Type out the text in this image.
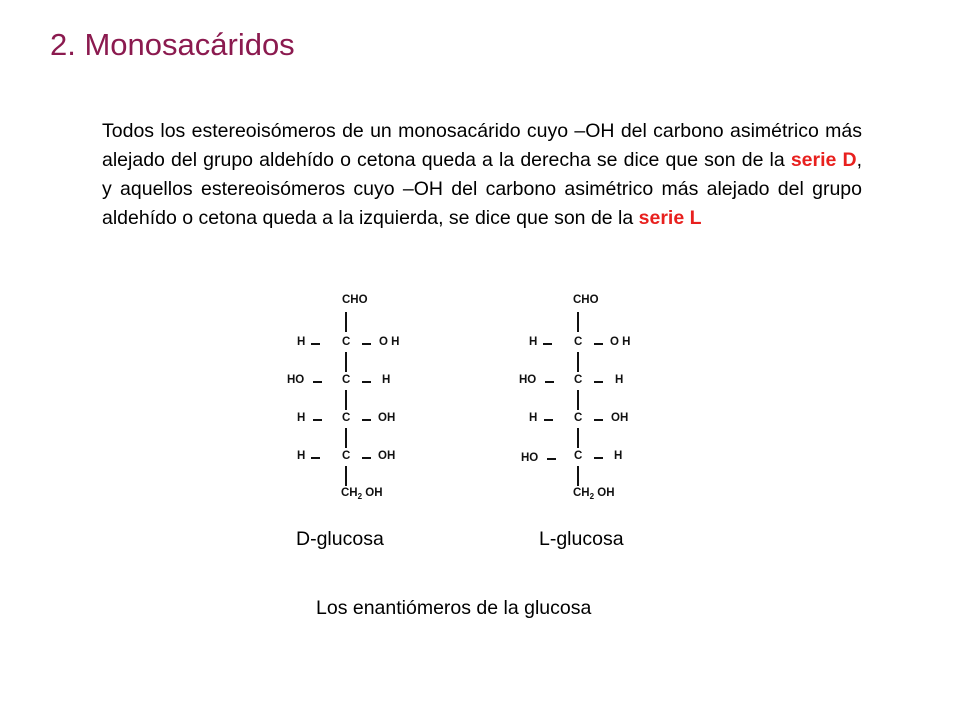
2. Monosacáridos
Todos los estereoisómeros de un monosacárido cuyo –OH del carbono asimétrico más alejado del grupo aldehído o cetona queda a la derecha se dice que son de la serie D, y aquellos estereoisómeros cuyo –OH del carbono asimétrico más alejado del grupo aldehído o cetona queda a la izquierda, se dice que son de la serie L
CHO
H	C O H
HO	C	H
H	C OH
H	C OH
$CH_2$ OH
CHO
H	C O H
HO	C	H
H	C OH
HO	C	H
$CH_2$ OH
D-glucosa	L-glucosa
Los enantiómeros de la glucosa
